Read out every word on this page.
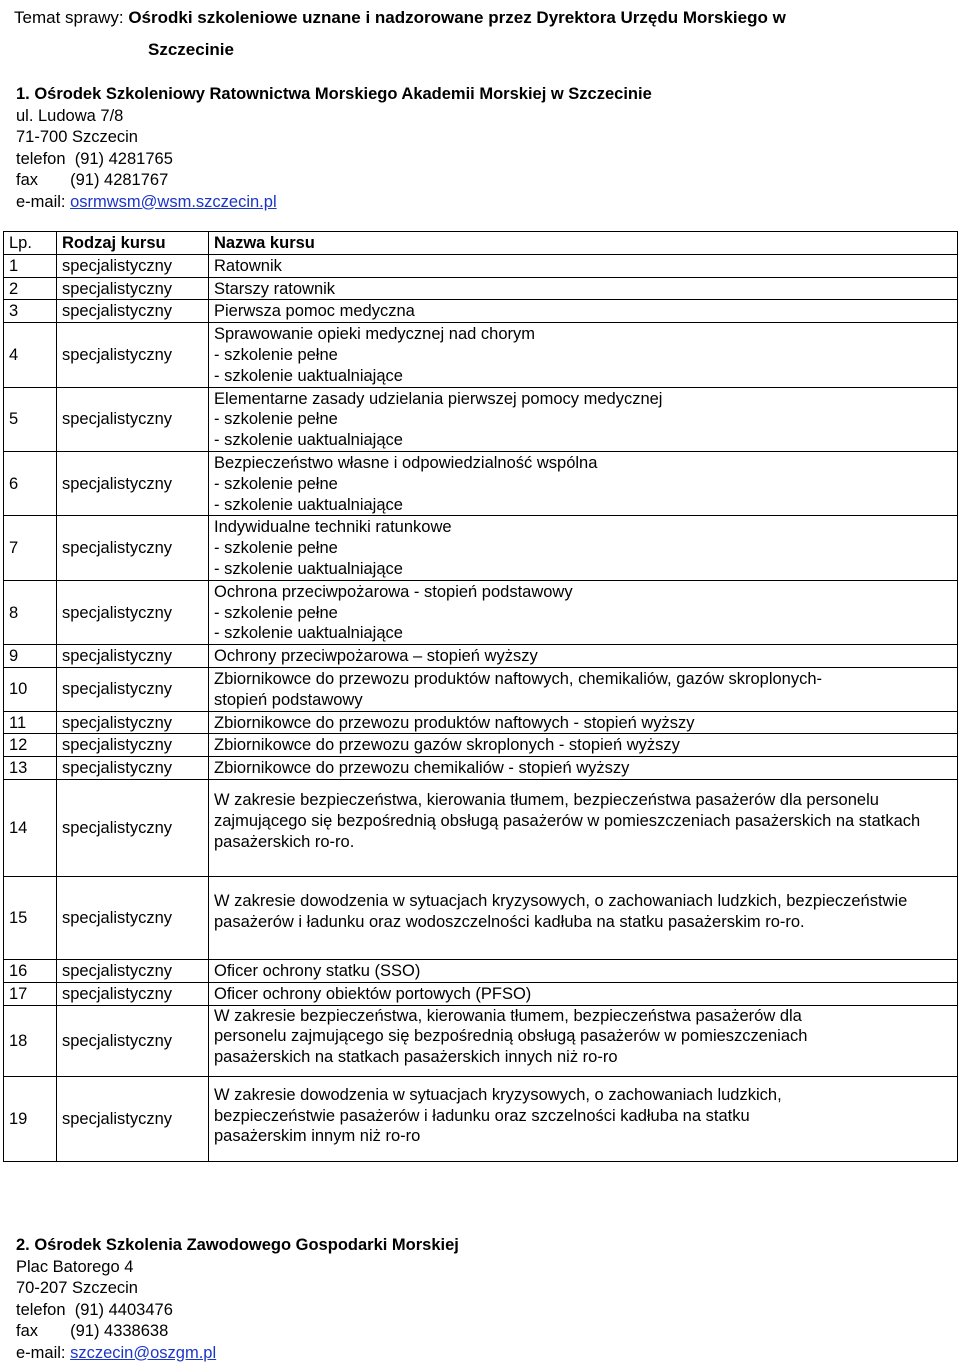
Temat sprawy: Ośrodki szkoleniowe uznane i nadzorowane przez Dyrektora Urzędu Morskiego w
Szczecinie
1. Ośrodek Szkoleniowy Ratownictwa Morskiego Akademii Morskiej w Szczecinie
ul. Ludowa 7/8
71-700 Szczecin
telefon  (91) 4281765
fax       (91) 4281767
e-mail: osrmwsm@wsm.szczecin.pl
Lp.	Rodzaj kursu	Nazwa kursu
1	specjalistyczny	Ratownik

2	specjalistyczny	Starszy ratownik

3	specjalistyczny	Pierwsza pomoc medyczna

4	specjalistyczny	Sprawowanie opieki medycznej nad chorym
- szkolenie pełne
- szkolenie uaktualniające

5	specjalistyczny	Elementarne zasady udzielania pierwszej pomocy medycznej
- szkolenie pełne
- szkolenie uaktualniające

6	specjalistyczny	Bezpieczeństwo własne i odpowiedzialność wspólna
- szkolenie pełne
- szkolenie uaktualniające

7	specjalistyczny	Indywidualne techniki ratunkowe
- szkolenie pełne
- szkolenie uaktualniające

8	specjalistyczny	Ochrona przeciwpożarowa - stopień podstawowy
- szkolenie pełne
- szkolenie uaktualniające

9	specjalistyczny	Ochrony przeciwpożarowa – stopień wyższy

10	specjalistyczny	Zbiornikowce do przewozu produktów naftowych, chemikaliów, gazów skroplonych-
stopień podstawowy

11	specjalistyczny	Zbiornikowce do przewozu produktów naftowych - stopień wyższy

12	specjalistyczny	Zbiornikowce do przewozu gazów skroplonych - stopień wyższy

13	specjalistyczny	Zbiornikowce do przewozu chemikaliów - stopień wyższy

14	specjalistyczny	W zakresie bezpieczeństwa, kierowania tłumem, bezpieczeństwa pasażerów dla personelu zajmującego się bezpośrednią obsługą pasażerów w pomieszczeniach pasażerskich na statkach pasażerskich ro-ro.
15	specjalistyczny	W zakresie dowodzenia w sytuacjach kryzysowych, o zachowaniach ludzkich, bezpieczeństwie pasażerów i ładunku oraz wodoszczelności kadłuba na statku pasażerskim ro-ro.
16	specjalistyczny	Oficer ochrony statku (SSO)

17	specjalistyczny	Oficer ochrony obiektów portowych (PFSO)

18	specjalistyczny	W zakresie bezpieczeństwa, kierowania tłumem, bezpieczeństwa pasażerów dla
personelu zajmującego się bezpośrednią obsługą pasażerów w pomieszczeniach
pasażerskich na statkach pasażerskich innych niż ro-ro

19	specjalistyczny	W zakresie dowodzenia w sytuacjach kryzysowych, o zachowaniach ludzkich,
bezpieczeństwie pasażerów i ładunku oraz szczelności kadłuba na statku
pasażerskim innym niż ro-ro
2. Ośrodek Szkolenia Zawodowego Gospodarki Morskiej
Plac Batorego 4
70-207 Szczecin
telefon  (91) 4403476
fax       (91) 4338638
e-mail: szczecin@oszgm.pl
